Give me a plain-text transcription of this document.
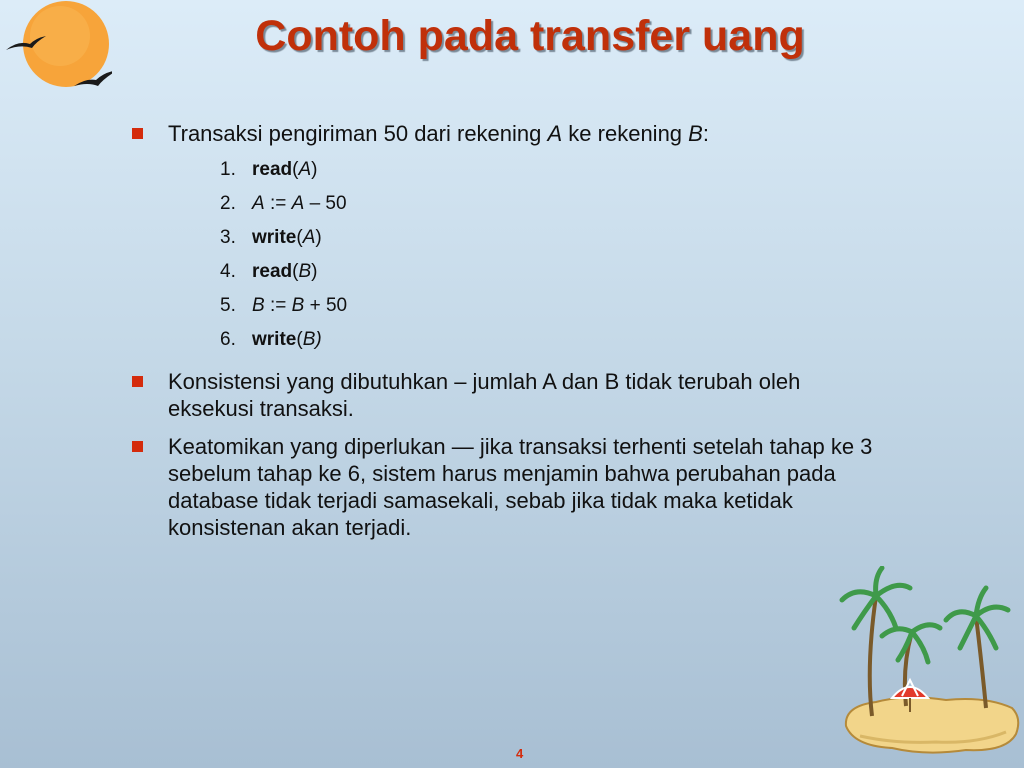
Contoh pada transfer uang
Transaksi pengiriman 50 dari rekening A ke rekening B:
1. read(A)
2. A := A – 50
3. write(A)
4. read(B)
5. B := B + 50
6. write(B)
Konsistensi yang dibutuhkan – jumlah A dan B tidak terubah oleh eksekusi transaksi.
Keatomikan yang diperlukan — jika transaksi terhenti setelah tahap ke 3 sebelum tahap ke 6, sistem harus menjamin bahwa perubahan pada database tidak terjadi samasekali, sebab jika tidak maka ketidak konsistenan akan terjadi.
4
